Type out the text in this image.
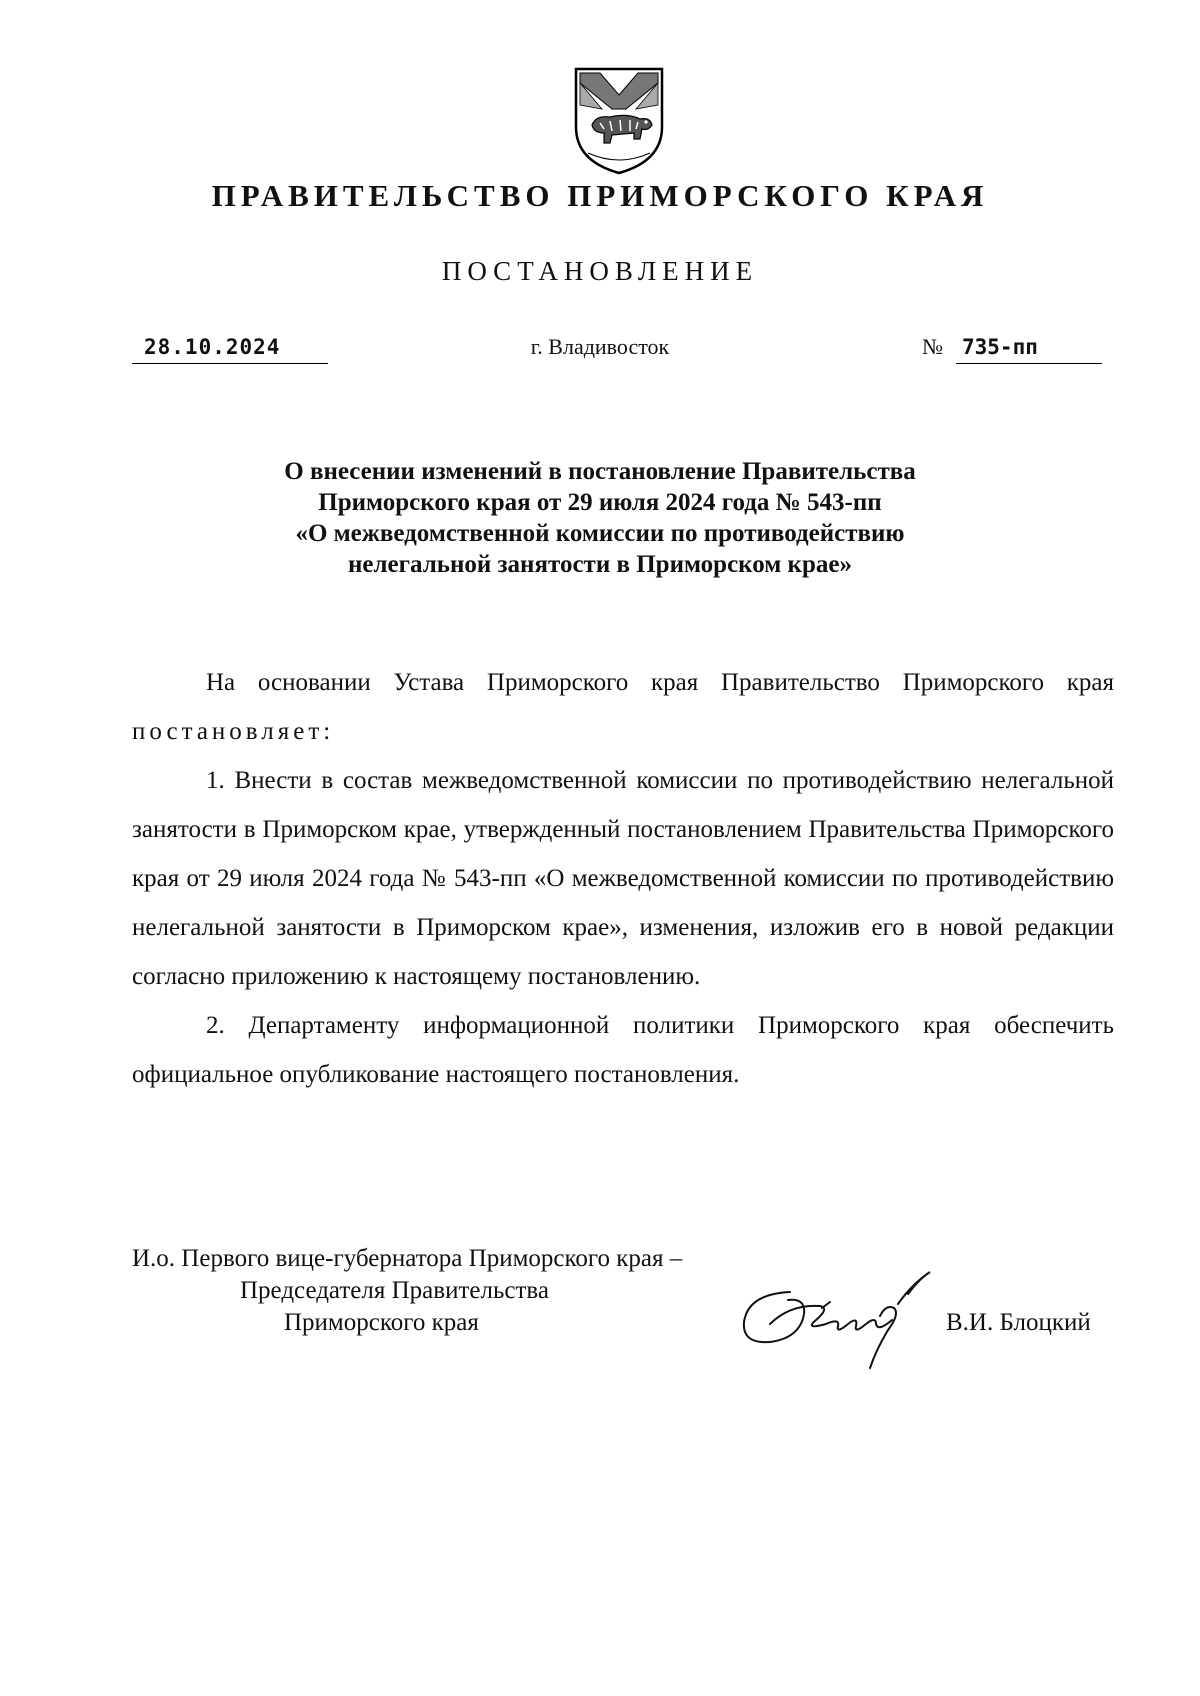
ПРАВИТЕЛЬСТВО ПРИМОРСКОГО КРАЯ
ПОСТАНОВЛЕНИЕ
28.10.2024	г. Владивосток	№ 735-пп
О внесении изменений в постановление Правительства
Приморского края от 29 июля 2024 года № 543-пп
«О межведомственной комиссии по противодействию
нелегальной занятости в Приморском крае»

На основании Устава Приморского края Правительство Приморского края постановляет:

1. Внести в состав межведомственной комиссии по противодействию нелегальной занятости в Приморском крае, утвержденный постановлением Правительства Приморского края от 29 июля 2024 года № 543-пп «О межведомственной комиссии по противодействию нелегальной занятости в Приморском крае», изменения, изложив его в новой редакции согласно приложению к настоящему постановлению.

2. Департаменту информационной политики Приморского края обеспечить официальное опубликование настоящего постановления.

И.о. Первого вице-губернатора Приморского края –
Председателя Правительства
Приморского края	В.И. Блоцкий
